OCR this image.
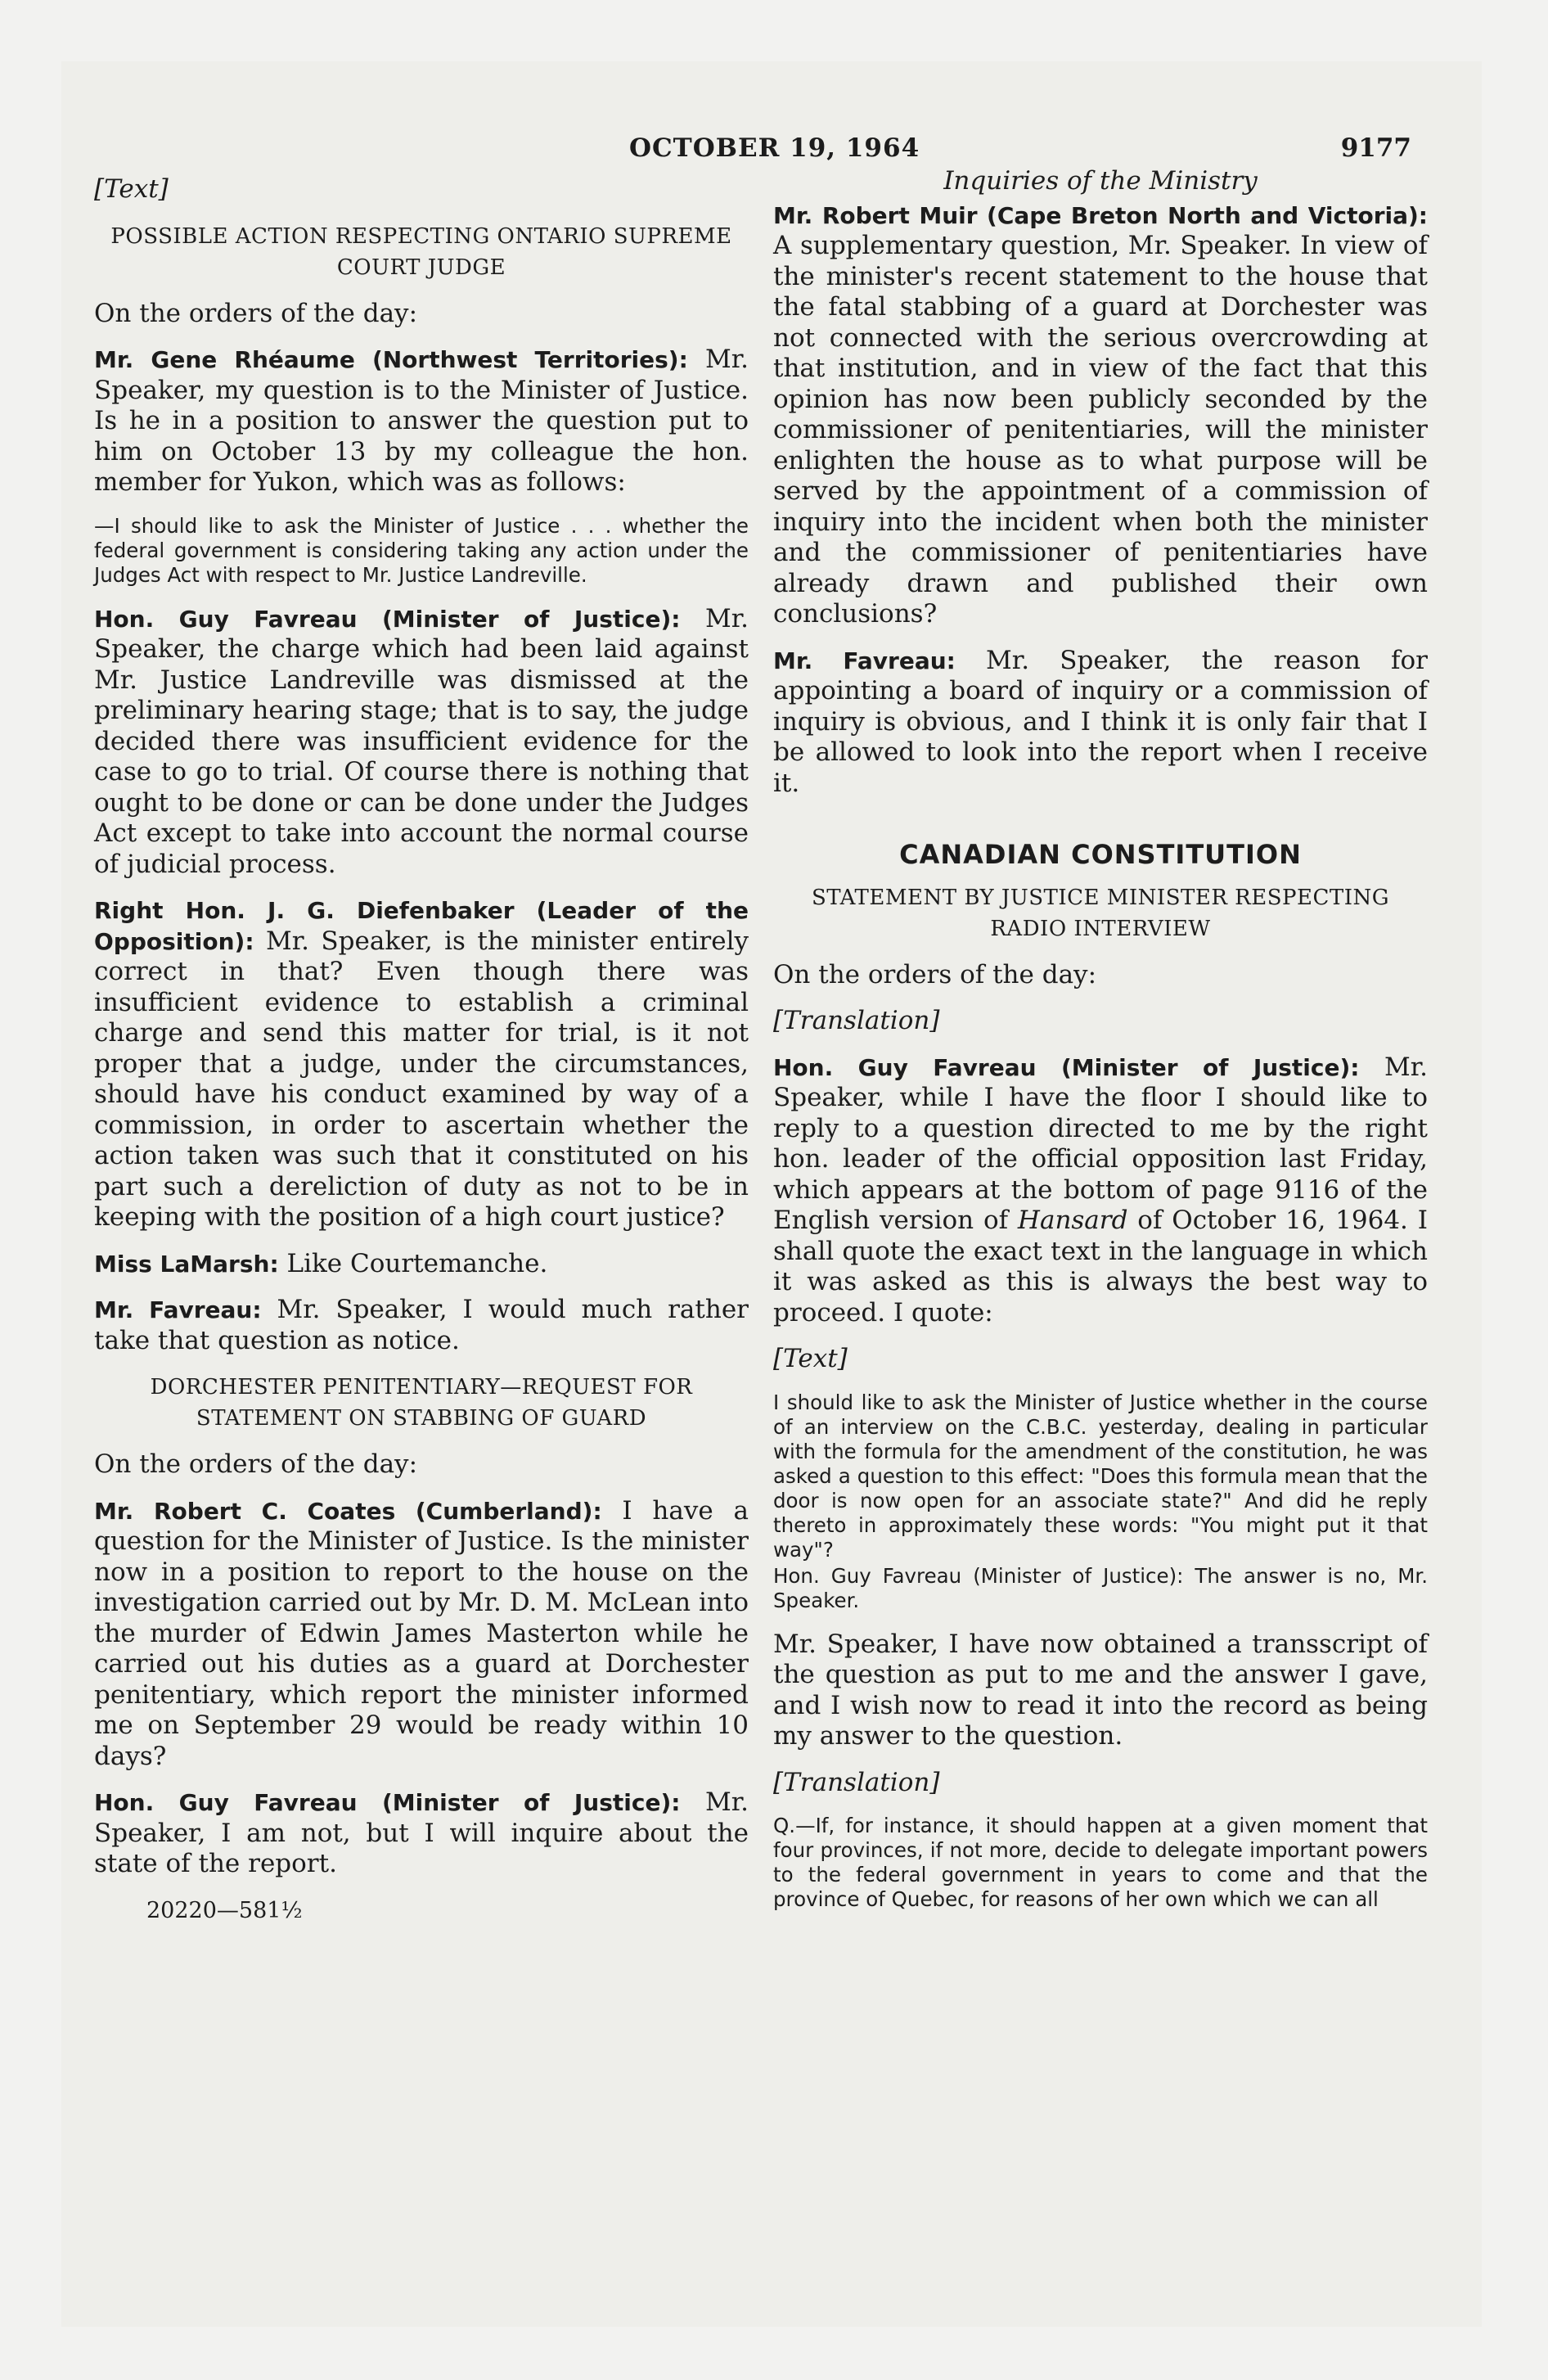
OCTOBER 19, 1964	9177
[Text]
POSSIBLE ACTION RESPECTING ONTARIO SUPREME COURT JUDGE

On the orders of the day:

Mr. Gene Rhéaume (Northwest Territories): Mr. Speaker, my question is to the Minister of Justice. Is he in a position to answer the question put to him on October 13 by my colleague the hon. member for Yukon, which was as follows:

—I should like to ask the Minister of Justice . . . whether the federal government is considering taking any action under the Judges Act with respect to Mr. Justice Landreville.

Hon. Guy Favreau (Minister of Justice): Mr. Speaker, the charge which had been laid against Mr. Justice Landreville was dismissed at the preliminary hearing stage; that is to say, the judge decided there was insufficient evidence for the case to go to trial. Of course there is nothing that ought to be done or can be done under the Judges Act except to take into account the normal course of judicial process.

Right Hon. J. G. Diefenbaker (Leader of the Opposition): Mr. Speaker, is the minister entirely correct in that? Even though there was insufficient evidence to establish a criminal charge and send this matter for trial, is it not proper that a judge, under the circumstances, should have his conduct examined by way of a commission, in order to ascertain whether the action taken was such that it constituted on his part such a dereliction of duty as not to be in keeping with the position of a high court justice?

Miss LaMarsh: Like Courtemanche.

Mr. Favreau: Mr. Speaker, I would much rather take that question as notice.

DORCHESTER PENITENTIARY—REQUEST FOR STATEMENT ON STABBING OF GUARD

On the orders of the day:

Mr. Robert C. Coates (Cumberland): I have a question for the Minister of Justice. Is the minister now in a position to report to the house on the investigation carried out by Mr. D. M. McLean into the murder of Edwin James Masterton while he carried out his duties as a guard at Dorchester penitentiary, which report the minister informed me on September 29 would be ready within 10 days?

Hon. Guy Favreau (Minister of Justice): Mr. Speaker, I am not, but I will inquire about the state of the report.

20220—581½
Inquiries of the Ministry

Mr. Robert Muir (Cape Breton North and Victoria): A supplementary question, Mr. Speaker. In view of the minister's recent statement to the house that the fatal stabbing of a guard at Dorchester was not connected with the serious overcrowding at that institution, and in view of the fact that this opinion has now been publicly seconded by the commissioner of penitentiaries, will the minister enlighten the house as to what purpose will be served by the appointment of a commission of inquiry into the incident when both the minister and the commissioner of penitentiaries have already drawn and published their own conclusions?

Mr. Favreau: Mr. Speaker, the reason for appointing a board of inquiry or a commission of inquiry is obvious, and I think it is only fair that I be allowed to look into the report when I receive it.

CANADIAN CONSTITUTION
STATEMENT BY JUSTICE MINISTER RESPECTING RADIO INTERVIEW

On the orders of the day:

[Translation]

Hon. Guy Favreau (Minister of Justice): Mr. Speaker, while I have the floor I should like to reply to a question directed to me by the right hon. leader of the official opposition last Friday, which appears at the bottom of page 9116 of the English version of Hansard of October 16, 1964. I shall quote the exact text in the language in which it was asked as this is always the best way to proceed. I quote:

[Text]

I should like to ask the Minister of Justice whether in the course of an interview on the C.B.C. yesterday, dealing in particular with the formula for the amendment of the constitution, he was asked a question to this effect: "Does this formula mean that the door is now open for an associate state?" And did he reply thereto in approximately these words: "You might put it that way"?

Hon. Guy Favreau (Minister of Justice): The answer is no, Mr. Speaker.

Mr. Speaker, I have now obtained a transscript of the question as put to me and the answer I gave, and I wish now to read it into the record as being my answer to the question.

[Translation]

Q.—If, for instance, it should happen at a given moment that four provinces, if not more, decide to delegate important powers to the federal government in years to come and that the province of Quebec, for reasons of her own which we can all
